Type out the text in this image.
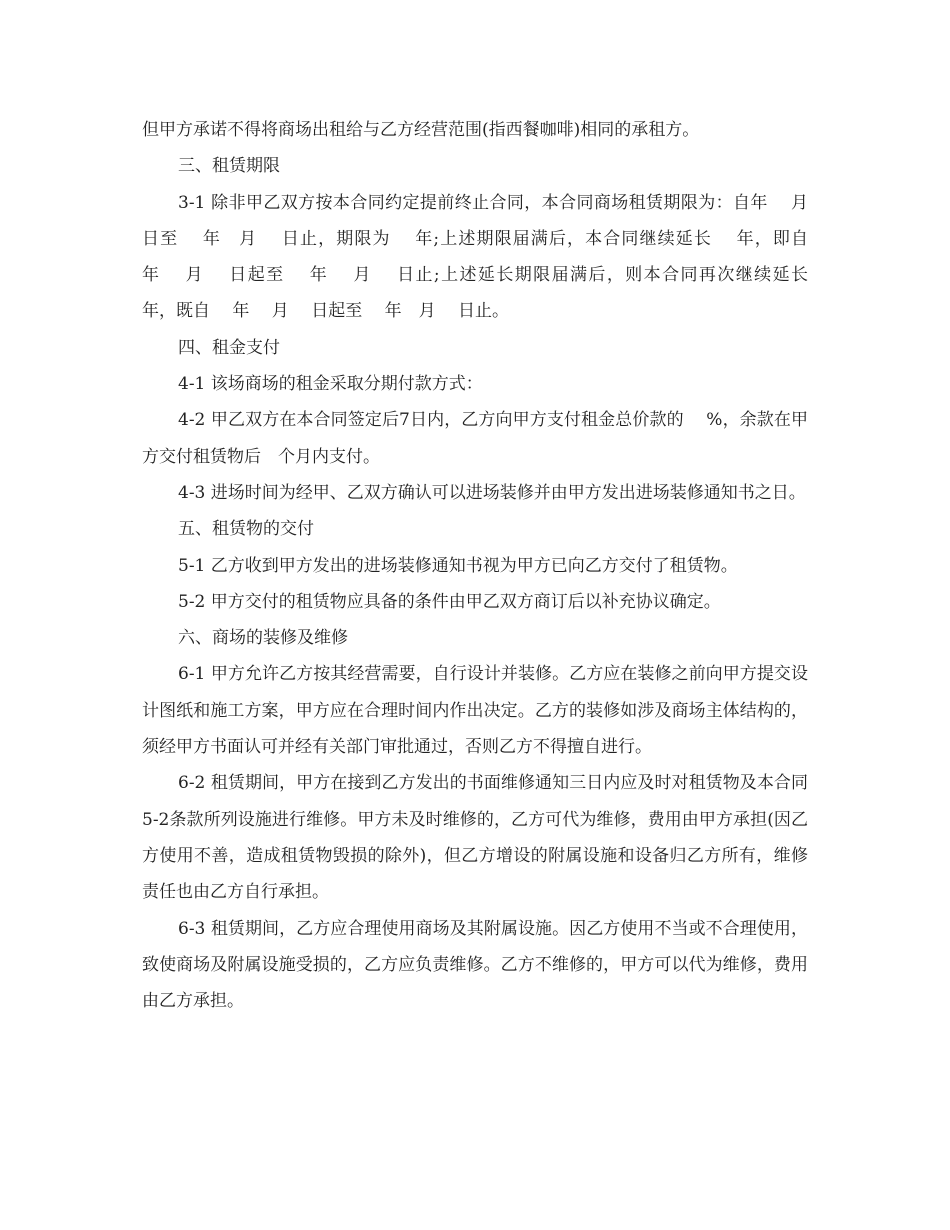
但甲方承诺不得将商场出租给与乙方经营范围(指西餐咖啡)相同的承租方。

三、租赁期限

3-1 除非甲乙双方按本合同约定提前终止合同，本合同商场租赁期限为：自年　 月　　日至　 年　月　 日止，期限为　 年;上述期限届满后，本合同继续延长　 年，即自　　 年　 月　 日起至　 年　 月　 日止;上述延长期限届满后，则本合同再次继续延长　 年，既自　 年　 月　 日起至　 年　月　 日止。

四、租金支付

4-1 该场商场的租金采取分期付款方式：

4-2 甲乙双方在本合同签定后7日内，乙方向甲方支付租金总价款的　 %，余款在甲方交付租赁物后　个月内支付。

4-3 进场时间为经甲、乙双方确认可以进场装修并由甲方发出进场装修通知书之日。

五、租赁物的交付

5-1 乙方收到甲方发出的进场装修通知书视为甲方已向乙方交付了租赁物。

5-2 甲方交付的租赁物应具备的条件由甲乙双方商订后以补充协议确定。

六、商场的装修及维修

6-1 甲方允许乙方按其经营需要，自行设计并装修。乙方应在装修之前向甲方提交设计图纸和施工方案，甲方应在合理时间内作出决定。乙方的装修如涉及商场主体结构的，须经甲方书面认可并经有关部门审批通过，否则乙方不得擅自进行。

6-2 租赁期间，甲方在接到乙方发出的书面维修通知三日内应及时对租赁物及本合同5-2条款所列设施进行维修。甲方未及时维修的，乙方可代为维修，费用由甲方承担(因乙方使用不善，造成租赁物毁损的除外)，但乙方增设的附属设施和设备归乙方所有，维修责任也由乙方自行承担。

6-3 租赁期间，乙方应合理使用商场及其附属设施。因乙方使用不当或不合理使用，致使商场及附属设施受损的，乙方应负责维修。乙方不维修的，甲方可以代为维修，费用由乙方承担。
